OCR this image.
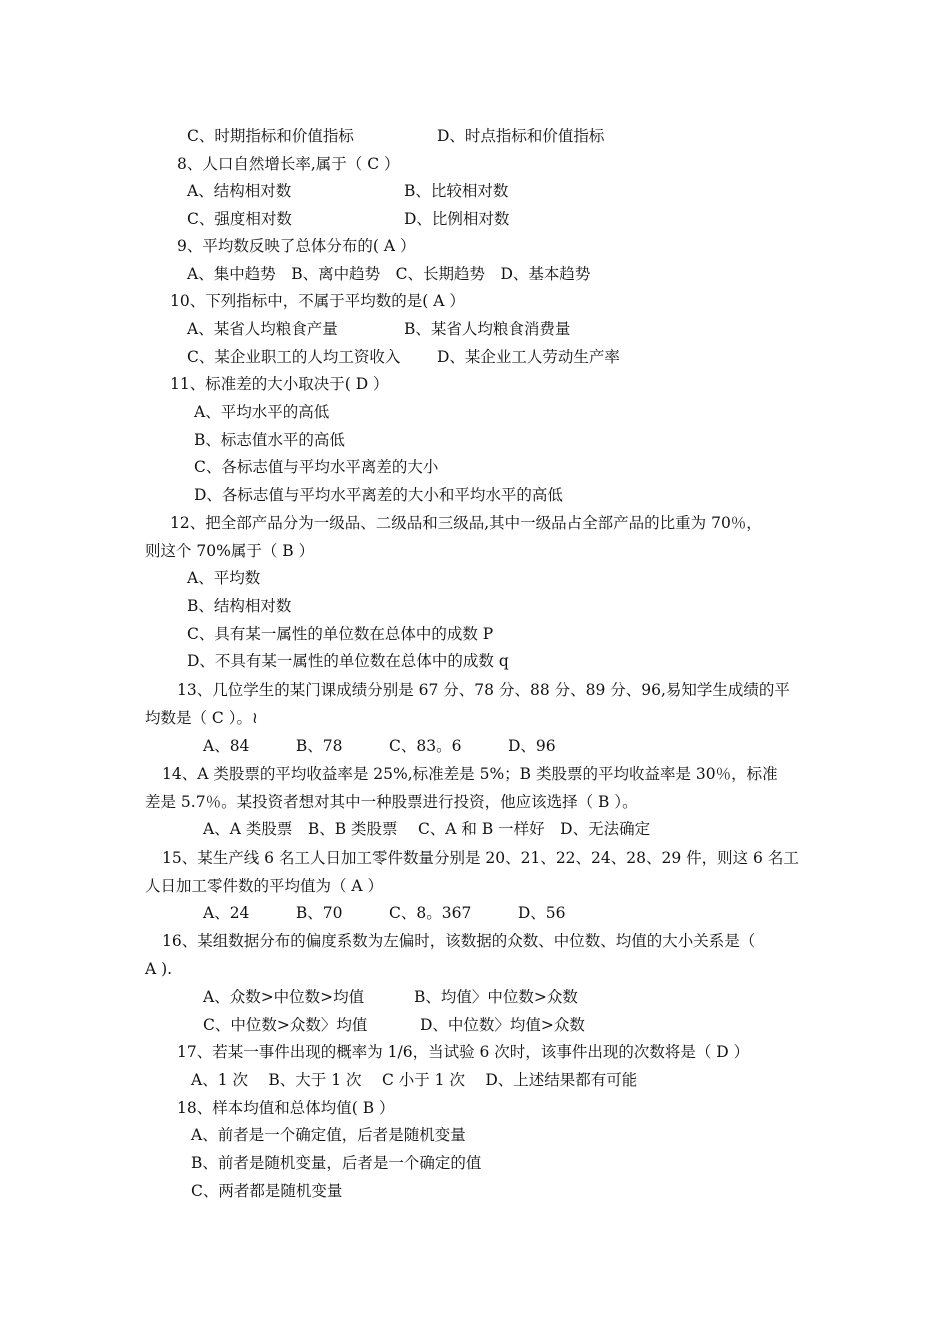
C、时期指标和价值指标	D、时点指标和价值指标
8、人口自然增长率,属于（ C ）
A、结构相对数	B、比较相对数
C、强度相对数	D、比例相对数
9、平均数反映了总体分布的( A ）
A、集中趋势　B、离中趋势　C、长期趋势　D、基本趋势
10、下列指标中，不属于平均数的是( A ）
A、某省人均粮食产量	B、某省人均粮食消费量
C、某企业职工的人均工资收入 D、某企业工人劳动生产率
11、标准差的大小取决于( D ）
A、平均水平的高低
B、标志值水平的高低
C、各标志值与平均水平离差的大小
D、各标志值与平均水平离差的大小和平均水平的高低
12、把全部产品分为一级品、二级品和三级品,其中一级品占全部产品的比重为 70％，
则这个 70%属于（ B ）
A、平均数
B、结构相对数
C、具有某一属性的单位数在总体中的成数 P
D、不具有某一属性的单位数在总体中的成数 q
13、几位学生的某门课成绩分别是 67 分、78 分、88 分、89 分、96,易知学生成绩的平
均数是（ C ）。≀
A、84　　　B、78　　　C、83。6　　　D、96
14、A 类股票的平均收益率是 25%,标准差是 5%；B 类股票的平均收益率是 30％，标准
差是 5.7％。某投资者想对其中一种股票进行投资，他应该选择（ B ）。
A、A 类股票　B、B 类股票　 C、A 和 B 一样好　D、无法确定
15、某生产线 6 名工人日加工零件数量分别是 20、21、22、24、28、29 件，则这 6 名工
人日加工零件数的平均值为（ A ）
A、24　　　B、70　　　C、8。367　　　D、56
16、某组数据分布的偏度系数为左偏时，该数据的众数、中位数、均值的大小关系是（
A ).
A、众数>中位数>均值	B、均值〉中位数>众数
C、中位数>众数〉均值	D、中位数〉均值>众数
17、若某一事件出现的概率为 1/6，当试验 6 次时，该事件出现的次数将是（ D ）
A、1 次　 B、大于 1 次　 C 小于 1 次　 D、上述结果都有可能
18、样本均值和总体均值( B ）
A、前者是一个确定值，后者是随机变量
B、前者是随机变量，后者是一个确定的值
C、两者都是随机变量
